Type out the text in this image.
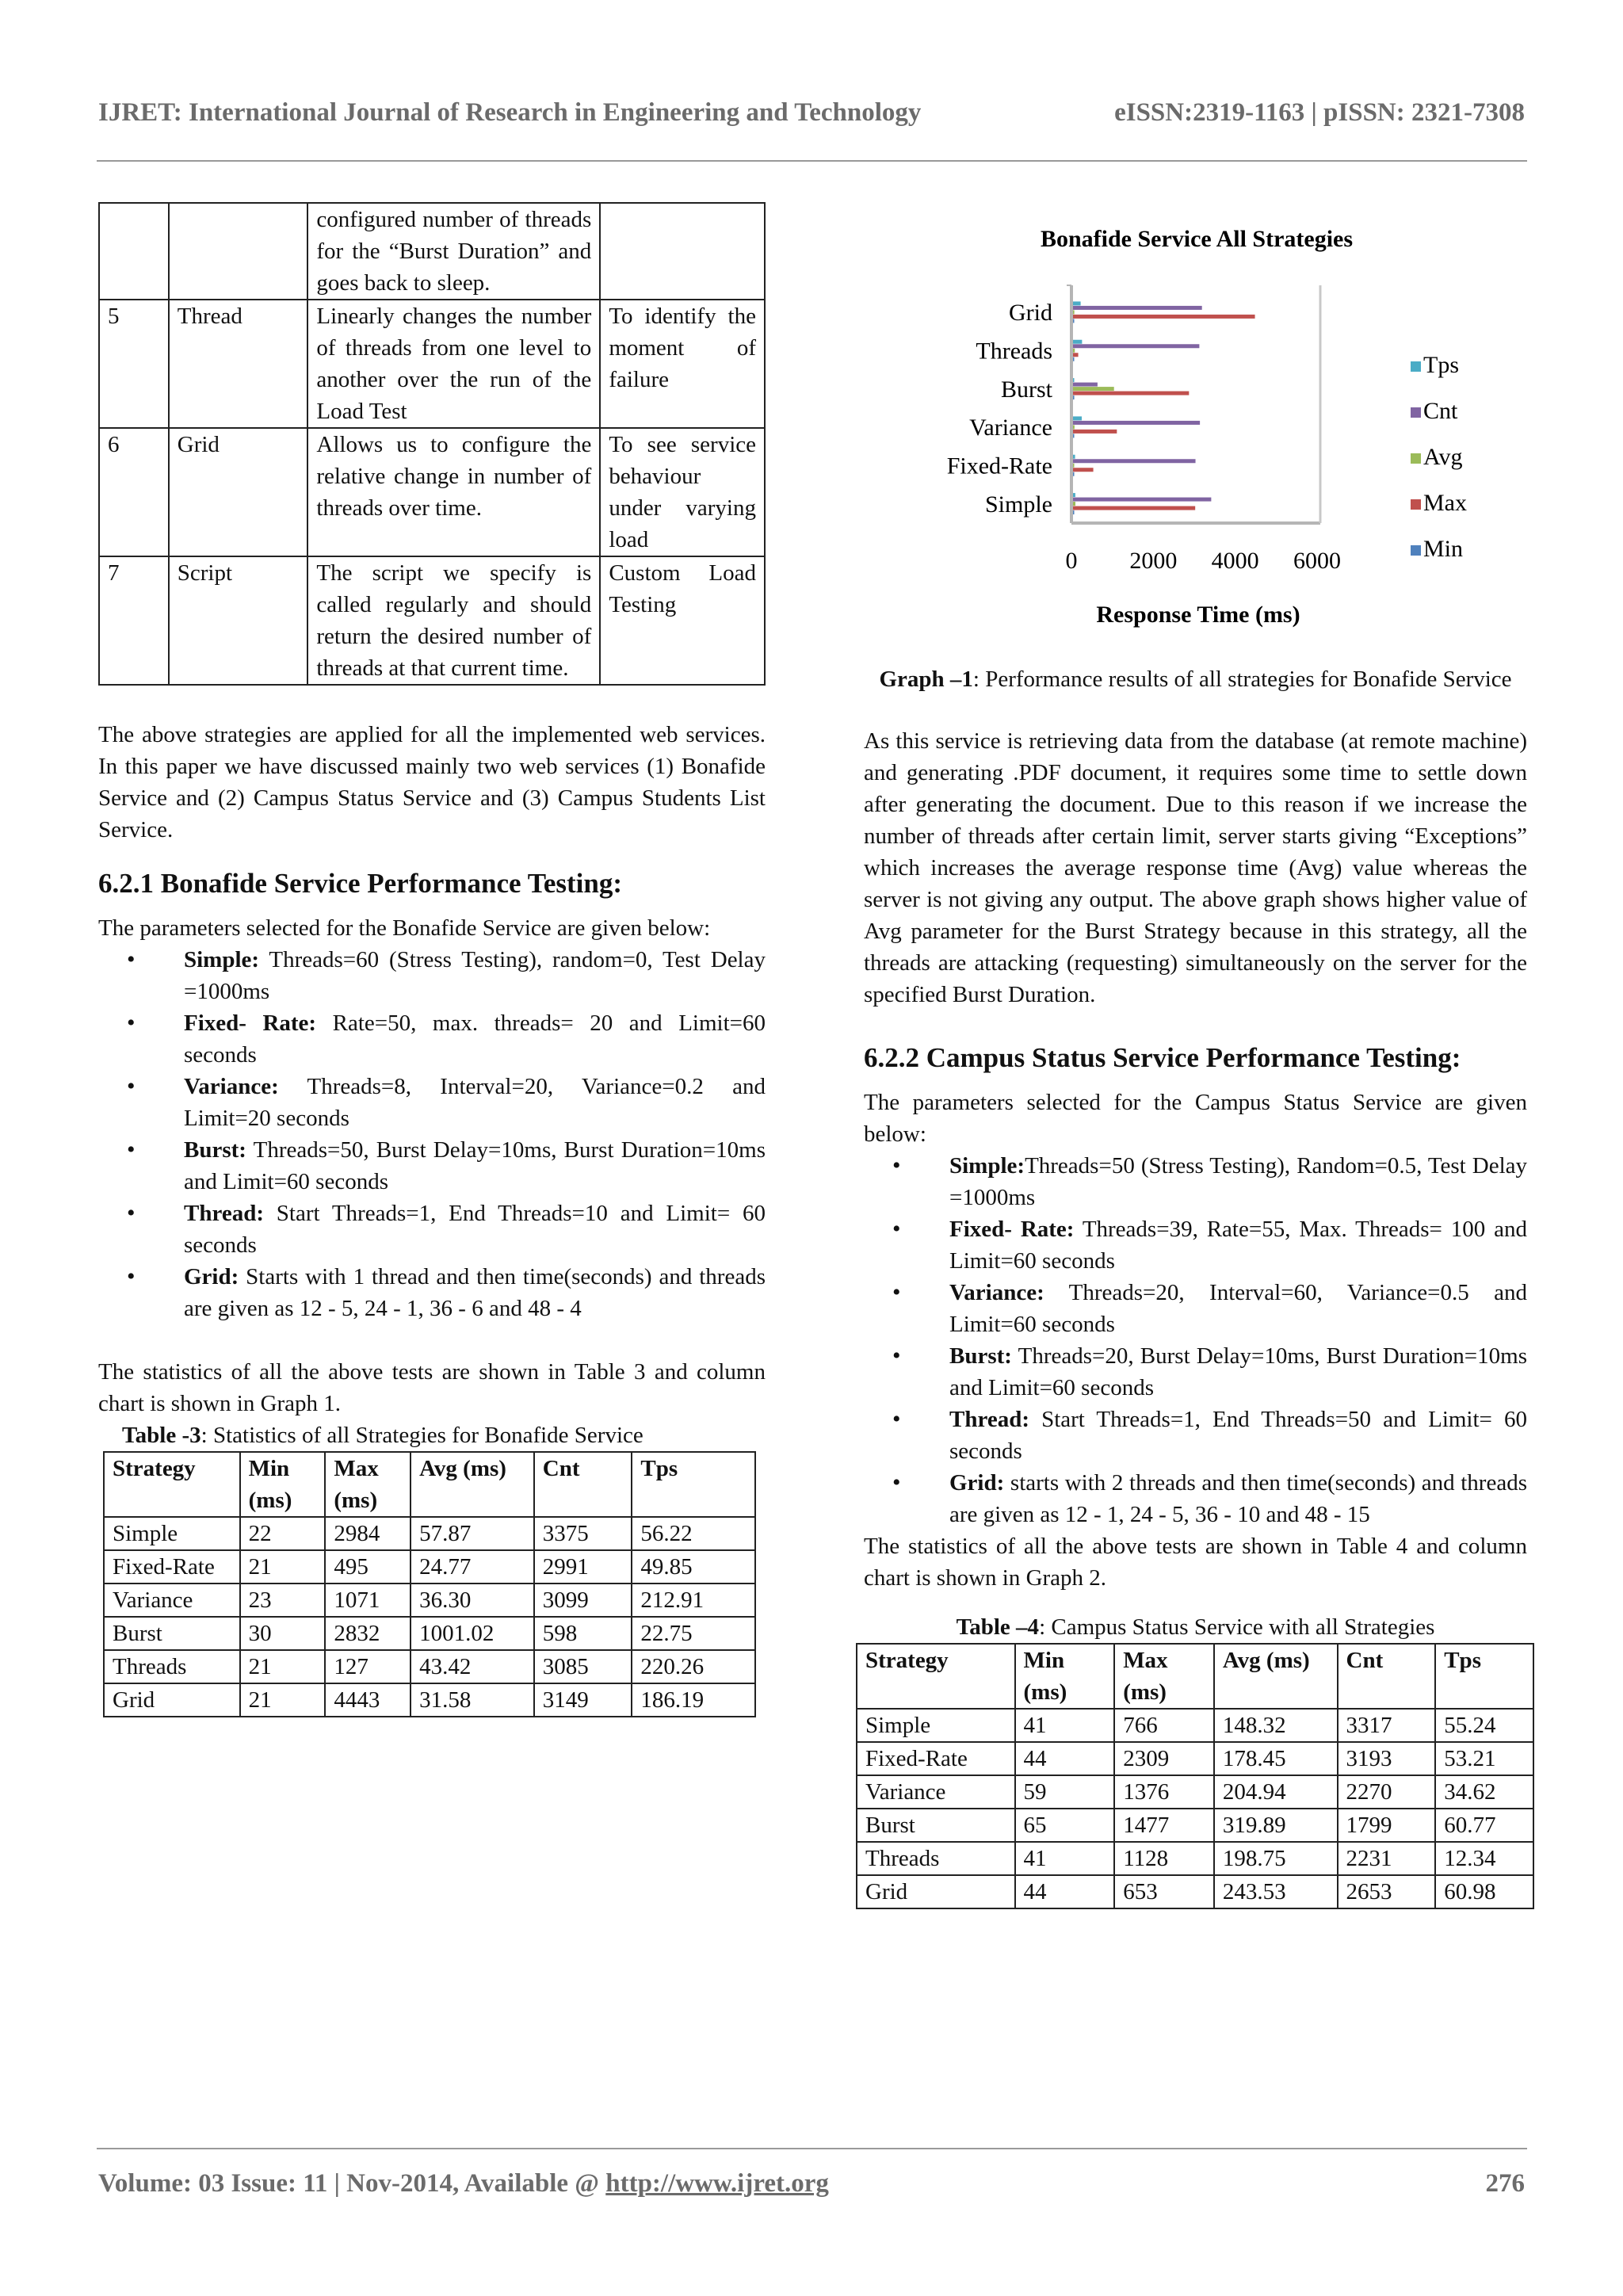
IJRET: International Journal of Research in Engineering and Technology	eISSN:2319-1163 | pISSN: 2321-7308
		configured number of threads for the “Burst Duration” and goes back to sleep.	
5	Thread	Linearly changes the number of threads from one level to another over the run of the Load Test	To identify the moment of failure
6	Grid	Allows us to configure the relative change in number of threads over time.	To see service behaviour under varying load
7	Script	The script we specify is called regularly and should return the desired number of threads at that current time.	Custom Load Testing

The above strategies are applied for all the implemented web services. In this paper we have discussed mainly two web services (1) Bonafide Service and (2) Campus Status Service and (3) Campus Students List Service.

6.2.1 Bonafide Service Performance Testing:

The parameters selected for the Bonafide Service are given below:

• Simple: Threads=60 (Stress Testing), random=0, Test Delay =1000ms
• Fixed- Rate: Rate=50, max. threads= 20 and Limit=60 seconds
• Variance: Threads=8, Interval=20, Variance=0.2 and Limit=20 seconds
• Burst: Threads=50, Burst Delay=10ms, Burst Duration=10ms and Limit=60 seconds
• Thread: Start Threads=1, End Threads=10 and Limit= 60 seconds
• Grid: Starts with 1 thread and then time(seconds) and threads are given as 12 - 5, 24 - 1, 36 - 6 and 48 - 4

The statistics of all the above tests are shown in Table 3 and column chart is shown in Graph 1.

Table -3: Statistics of all Strategies for Bonafide Service
Strategy	Min (ms)	Max (ms)	Avg (ms)	Cnt	Tps
Simple	22	2984	57.87	3375	56.22
Fixed-Rate	21	495	24.77	2991	49.85
Variance	23	1071	36.30	3099	212.91
Burst	30	2832	1001.02	598	22.75
Threads	21	127	43.42	3085	220.26
Grid	21	4443	31.58	3149	186.19
Bonafide Service All Strategies
Grid
Threads
Burst
Variance
Fixed-Rate
Simple
0 2000 4000 6000
Tps
Cnt
Avg
Max
Min
Response Time (ms)
Graph –1: Performance results of all strategies for Bonafide Service

As this service is retrieving data from the database (at remote machine) and generating .PDF document, it requires some time to settle down after generating the document. Due to this reason if we increase the number of threads after certain limit, server starts giving “Exceptions” which increases the average response time (Avg) value whereas the server is not giving any output. The above graph shows higher value of Avg parameter for the Burst Strategy because in this strategy, all the threads are attacking (requesting) simultaneously on the server for the specified Burst Duration.

6.2.2 Campus Status Service Performance Testing:

The parameters selected for the Campus Status Service are given below:

• Simple:Threads=50 (Stress Testing), Random=0.5, Test Delay =1000ms
• Fixed- Rate: Threads=39, Rate=55, Max. Threads= 100 and Limit=60 seconds
• Variance: Threads=20, Interval=60, Variance=0.5 and Limit=60 seconds
• Burst: Threads=20, Burst Delay=10ms, Burst Duration=10ms and Limit=60 seconds
• Thread: Start Threads=1, End Threads=50 and Limit= 60 seconds
• Grid: starts with 2 threads and then time(seconds) and threads are given as 12 - 1, 24 - 5, 36 - 10 and 48 - 15

The statistics of all the above tests are shown in Table 4 and column chart is shown in Graph 2.

Table –4: Campus Status Service with all Strategies
Strategy	Min (ms)	Max (ms)	Avg (ms)	Cnt	Tps
Simple	41	766	148.32	3317	55.24
Fixed-Rate	44	2309	178.45	3193	53.21
Variance	59	1376	204.94	2270	34.62
Burst	65	1477	319.89	1799	60.77
Threads	41	1128	198.75	2231	12.34
Grid	44	653	243.53	2653	60.98
Volume: 03 Issue: 11 | Nov-2014, Available @ http://www.ijret.org	276
